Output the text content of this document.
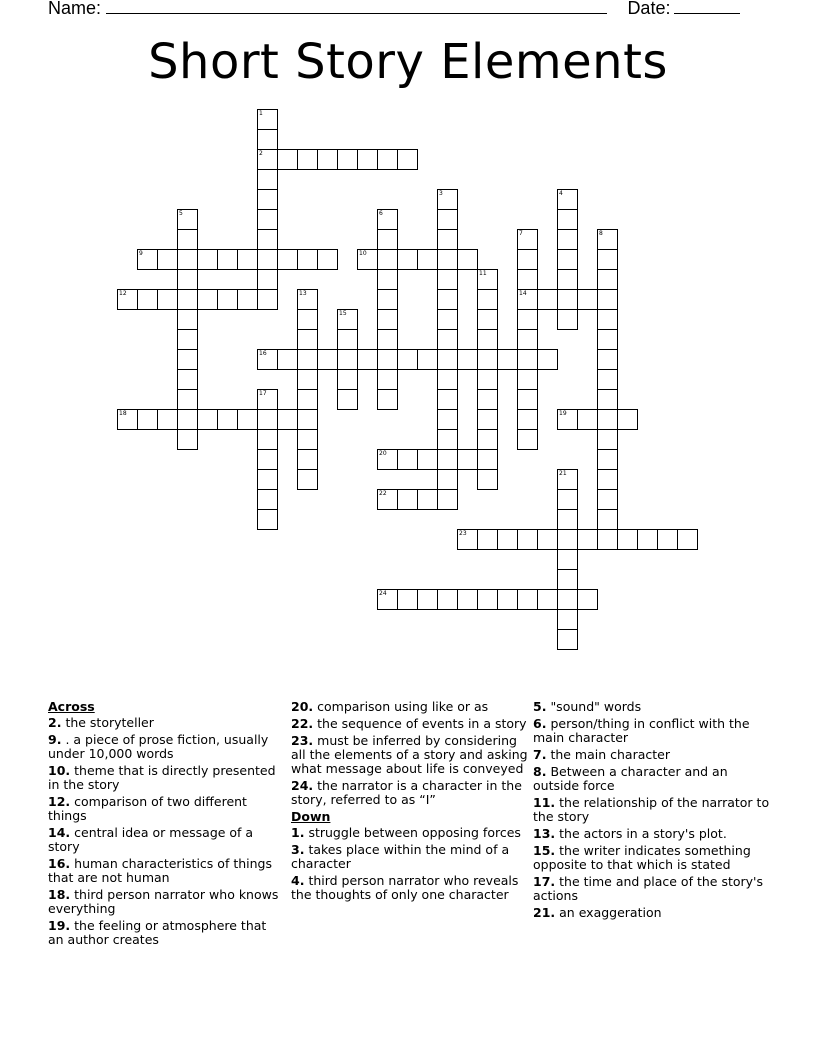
Name:	Date:
Short Story Elements
1
2
9
5
12
18
17
13
15
16
6
10
3
11
20
22
7
14
4
8
19
21
23
24
Across
2. the storyteller
9. . a piece of prose fiction, usually under 10,000 words
10. theme that is directly presented in the story
12. comparison of two different things
14. central idea or message of a story
16. human characteristics of things that are not human
18. third person narrator who knows everything
19. the feeling or atmosphere that an author creates
20. comparison using like or as
22. the sequence of events in a story
23. must be inferred by considering all the elements of a story and asking what message about life is conveyed
24. the narrator is a character in the story, referred to as “I”
Down
1. struggle between opposing forces
3. takes place within the mind of a character
4. third person narrator who reveals the thoughts of only one character
5. "sound" words
6. person/thing in conflict with the main character
7. the main character
8. Between a character and an outside force
11. the relationship of the narrator to the story
13. the actors in a story's plot.
15. the writer indicates something opposite to that which is stated
17. the time and place of the story's actions
21. an exaggeration
